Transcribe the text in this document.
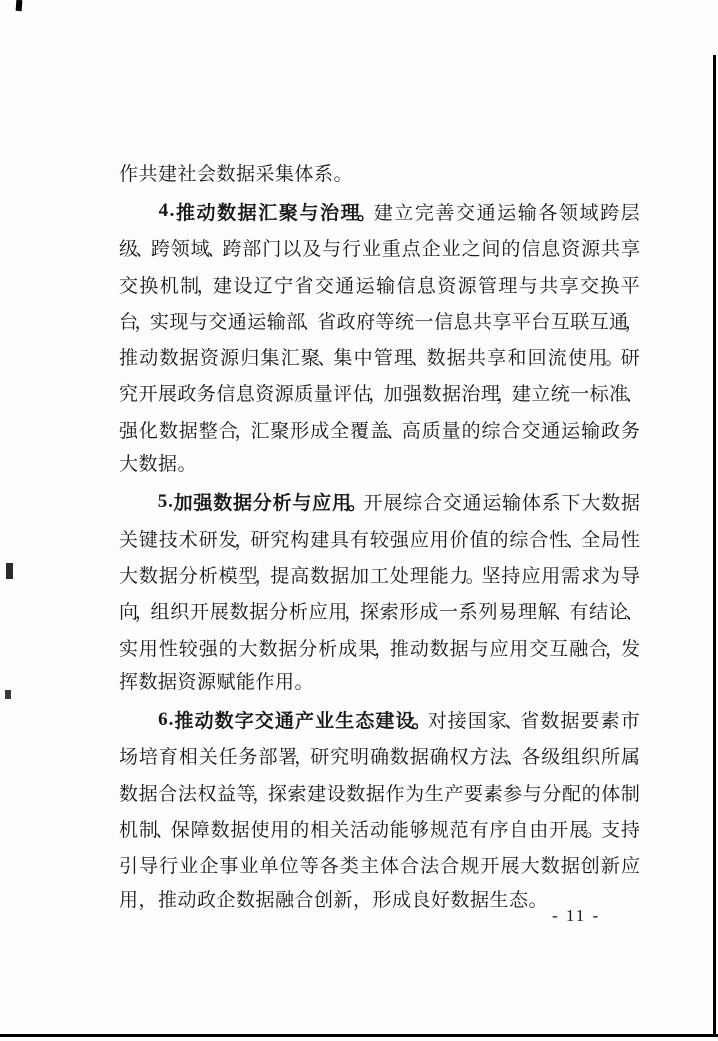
作共建社会数据采集体系。
4 . 推 动 数 据 汇 聚 与 治 理
。
建 立 完 善 交 通 运 输 各 领 域 跨 层
级
、
跨 领 域
、
跨 部 门 以 及 与 行 业 重 点 企 业 之 间 的 信 息 资 源 共 享
交 换 机 制
，
建 设 辽 宁 省 交 通 运 输 信 息 资 源 管 理 与 共 享 交 换 平
台
，
实 现 与 交 通 运 输 部
、
省 政 府 等 统 一 信 息 共 享 平 台 互 联 互 通
，
推 动 数 据 资 源 归 集 汇 聚
、
集 中 管 理
、
数 据 共 享 和 回 流 使 用
。
研
究 开 展 政 务 信 息 资 源 质 量 评 估
，
加 强 数 据 治 理
，
建 立 统 一 标 准
、
强 化 数 据 整 合
，
汇 聚 形 成 全 覆 盖
、
高 质 量 的 综 合 交 通 运 输 政 务
大数据。
5 . 加 强 数 据 分 析 与 应 用
。
开 展 综 合 交 通 运 输 体 系 下 大 数 据
关 键 技 术 研 发
，
研 究 构 建 具 有 较 强 应 用 价 值 的 综 合 性
、
全 局 性
大 数 据 分 析 模 型
，
提 高 数 据 加 工 处 理 能 力
。
坚 持 应 用 需 求 为 导
向
，
组 织 开 展 数 据 分 析 应 用
，
探 索 形 成 一 系 列 易 理 解
、
有 结 论
、
实 用 性 较 强 的 大 数 据 分 析 成 果
，
推 动 数 据 与 应 用 交 互 融 合
，
发
挥数据资源赋能作用。
6 . 推 动 数 字 交 通 产 业 生 态 建 设
。
对 接 国 家
、
省 数 据 要 素 市
场 培 育 相 关 任 务 部 署
，
研 究 明 确 数 据 确 权 方 法
、
各 级 组 织 所 属
数 据 合 法 权 益 等
，
探 索 建 设 数 据 作 为 生 产 要 素 参 与 分 配 的 体 制
机 制
、
保 障 数 据 使 用 的 相 关 活 动 能 够 规 范 有 序 自 由 开 展
。
支 持
引 导 行 业 企 事 业 单 位 等 各 类 主 体 合 法 合 规 开 展 大 数 据 创 新 应
用，推动政企数据融合创新，形成良好数据生态。
- 11 -
